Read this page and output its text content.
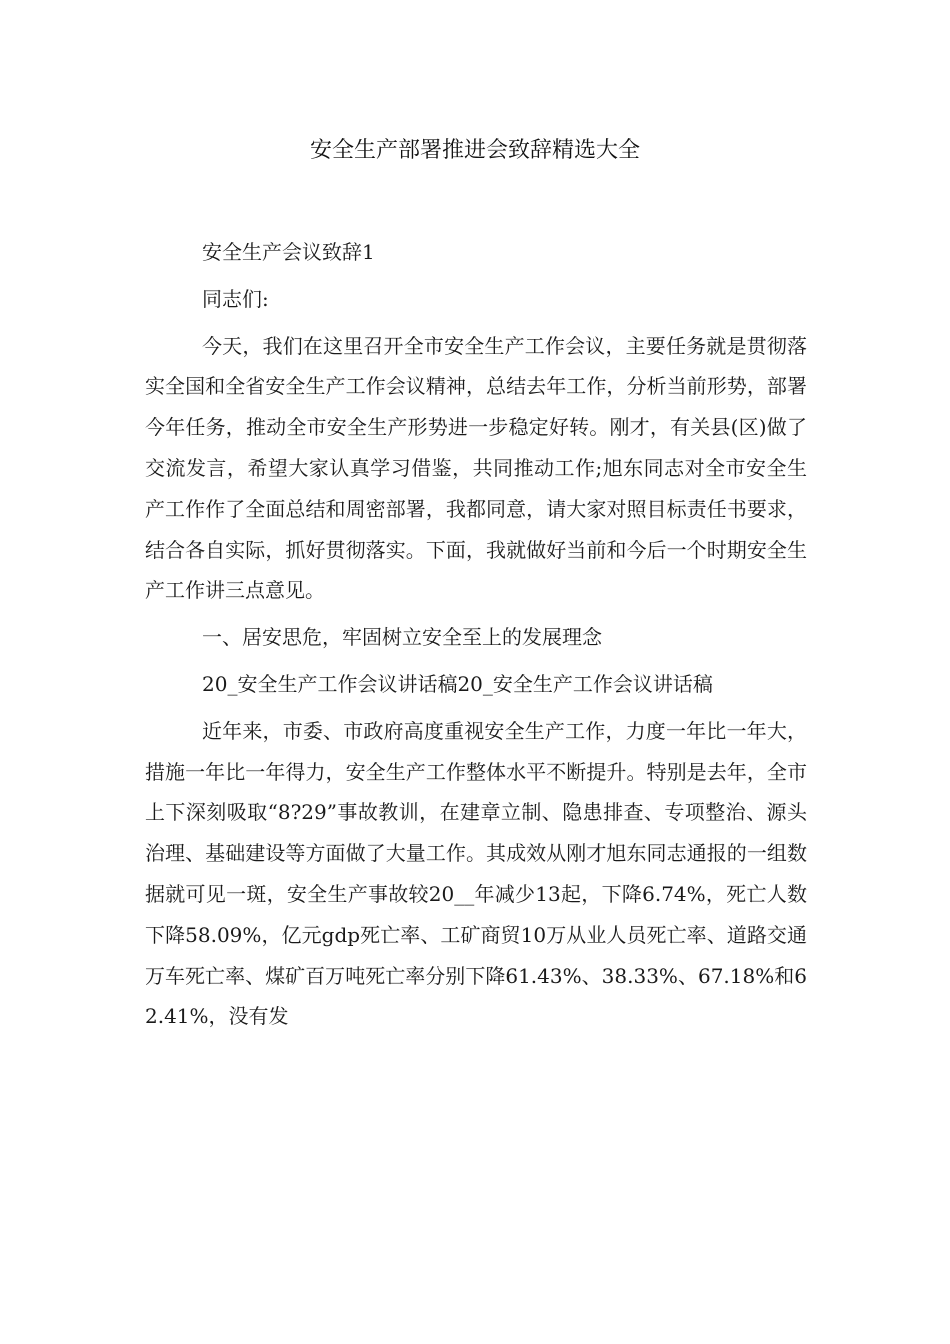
安全生产部署推进会致辞精选大全

安全生产会议致辞1

同志们:

今天，我们在这里召开全市安全生产工作会议，主要任务就是贯彻落实全国和全省安全生产工作会议精神，总结去年工作，分析当前形势，部署今年任务，推动全市安全生产形势进一步稳定好转。刚才，有关县(区)做了交流发言，希望大家认真学习借鉴，共同推动工作;旭东同志对全市安全生产工作作了全面总结和周密部署，我都同意，请大家对照目标责任书要求，结合各自实际，抓好贯彻落实。下面，我就做好当前和今后一个时期安全生产工作讲三点意见。

一、居安思危，牢固树立安全至上的发展理念

20_安全生产工作会议讲话稿20_安全生产工作会议讲话稿

近年来，市委、市政府高度重视安全生产工作，力度一年比一年大，措施一年比一年得力，安全生产工作整体水平不断提升。特别是去年，全市上下深刻吸取“8?29”事故教训，在建章立制、隐患排查、专项整治、源头治理、基础建设等方面做了大量工作。其成效从刚才旭东同志通报的一组数据就可见一斑，安全生产事故较20__年减少13起，下降6.74%，死亡人数下降58.09%，亿元gdp死亡率、工矿商贸10万从业人员死亡率、道路交通万车死亡率、煤矿百万吨死亡率分别下降61.43%、38.33%、67.18%和62.41%，没有发
